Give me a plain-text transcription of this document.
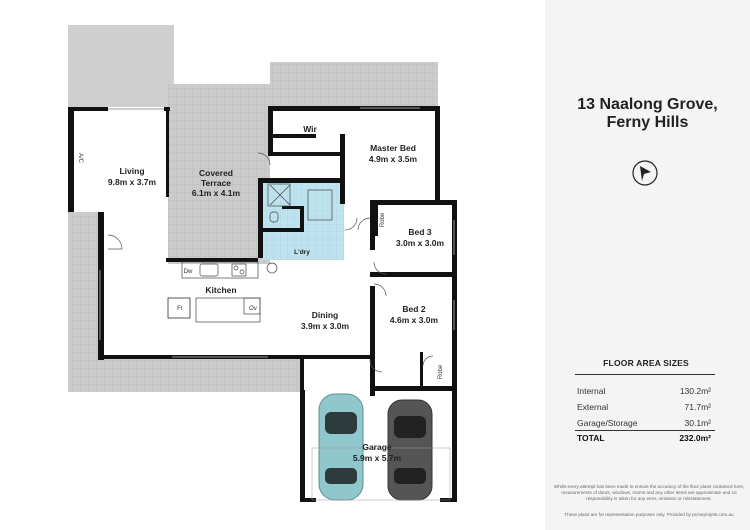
Living
9.8m x 3.7m
Covered
Terrace
6.1m x 4.1m
Wir
Master Bed
4.9m x 3.5m
Bed 3
3.0m x 3.0m
Bed 2
4.6m x 3.0m
Dining
3.9m x 3.0m
Kitchen
Garage
5.9m x 5.7m
L'dry
A/C
Dw
Fr	Ov
Robe
Robe
13 Naalong Grove,
Ferny Hills
FLOOR AREA SIZES
Internal	130.2m²
External	71.7m²
Garage/Storage	30.1m²
TOTAL	232.0m²
Whilst every attempt has been made to ensure the accuracy of the floor plans contained here, measurements of doors, windows, rooms and any other items are approximate and no responsibility is taken for any error, omission or misstatement.
These plans are for representation purposes only. Provided by pcmeprojets.com.au
